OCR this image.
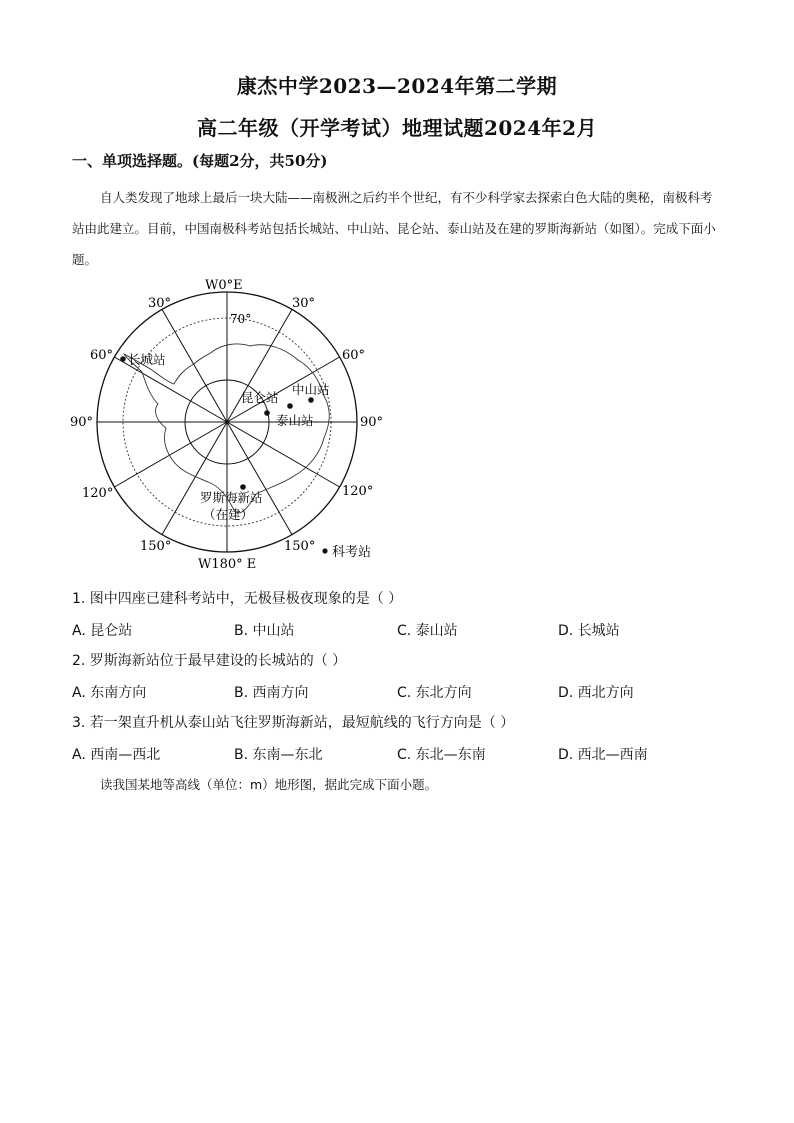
康杰中学2023—2024年第二学期
高二年级（开学考试）地理试题2024年2月
一、单项选择题。(每题2分，共50分)
自人类发现了地球上最后一块大陆——南极洲之后约半个世纪，有不少科学家去探索白色大陆的奥秘，南极科考站由此建立。目前，中国南极科考站包括长城站、中山站、昆仑站、泰山站及在建的罗斯海新站（如图）。完成下面小题。
W0°E
W180° E
70°
30°
60°
90°
120°
150°
30°
60°
90°
120°
150°
长城站
中山站
昆仑站
泰山站
罗斯海新站
（在建）
科考站
1. 图中四座已建科考站中，无极昼极夜现象的是（ ）
A. 昆仑站	B. 中山站	C. 泰山站	D. 长城站
2. 罗斯海新站位于最早建设的长城站的（ ）
A. 东南方向	B. 西南方向	C. 东北方向	D. 西北方向
3. 若一架直升机从泰山站飞往罗斯海新站，最短航线的飞行方向是（ ）
A. 西南—西北	B. 东南—东北	C. 东北—东南	D. 西北—西南
读我国某地等高线（单位：m）地形图，据此完成下面小题。
